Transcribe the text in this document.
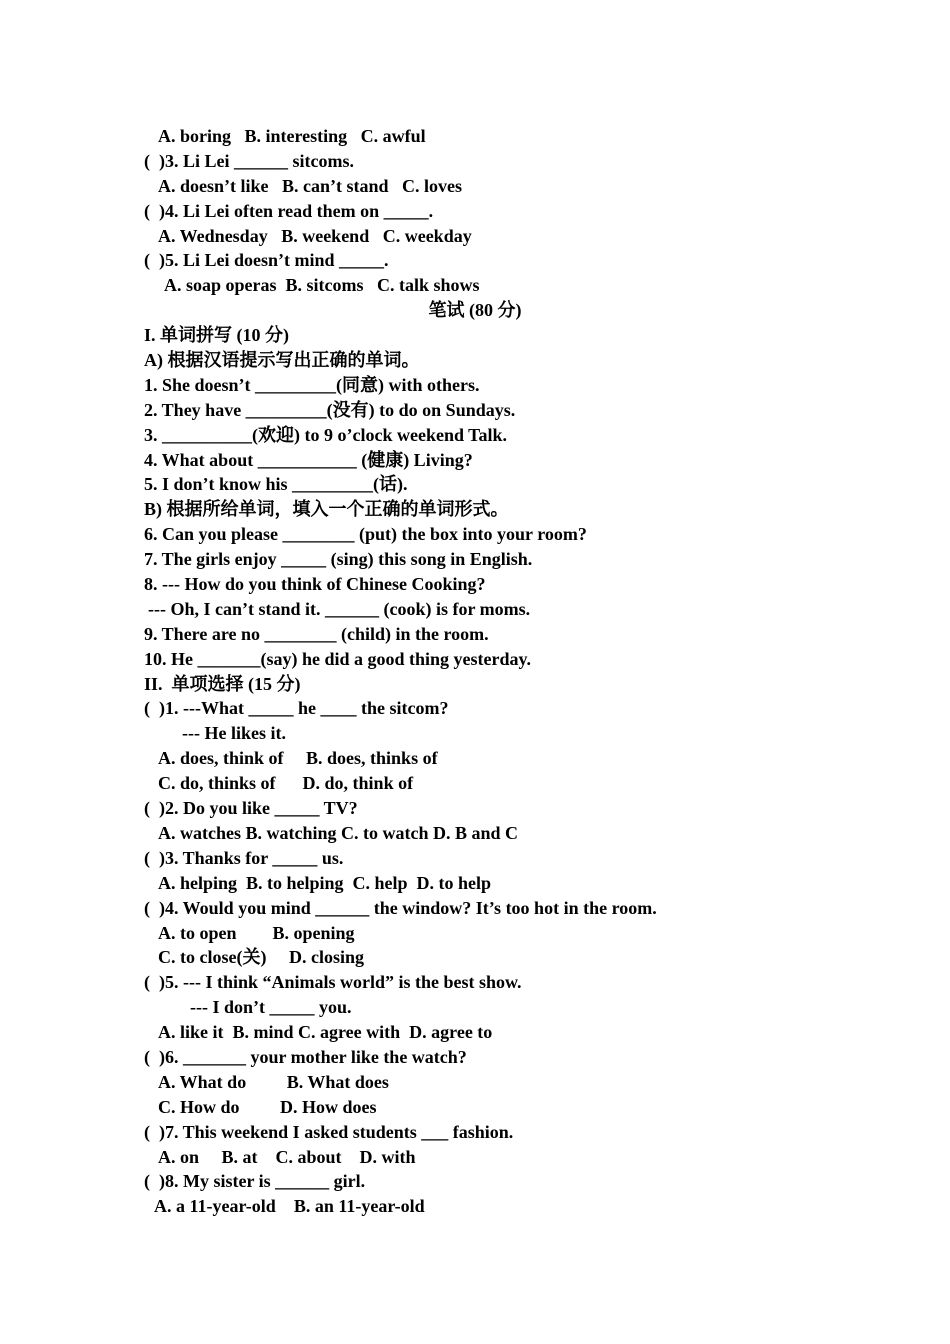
A. boring   B. interesting   C. awful
(  )3. Li Lei ______ sitcoms.
A. doesn’t like   B. can’t stand   C. loves
(  )4. Li Lei often read them on _____.
A. Wednesday   B. weekend   C. weekday
(  )5. Li Lei doesn’t mind _____.
A. soap operas  B. sitcoms   C. talk shows
笔试 (80 分)
I. 单词拼写 (10 分)
A) 根据汉语提示写出正确的单词。
1. She doesn’t _________(同意) with others.
2. They have _________(没有) to do on Sundays.
3. __________(欢迎) to 9 o’clock weekend Talk.
4. What about ___________ (健康) Living?
5. I don’t know his _________(话).
B) 根据所给单词，填入一个正确的单词形式。
6. Can you please ________ (put) the box into your room?
7. The girls enjoy _____ (sing) this song in English.
8. --- How do you think of Chinese Cooking?
--- Oh, I can’t stand it. ______ (cook) is for moms.
9. There are no ________ (child) in the room.
10. He _______(say) he did a good thing yesterday.
II.  单项选择 (15 分)
(  )1. ---What _____ he ____ the sitcom?
--- He likes it.
A. does, think of     B. does, thinks of
C. do, thinks of      D. do, think of
(  )2. Do you like _____ TV?
A. watches B. watching C. to watch D. B and C
(  )3. Thanks for _____ us.
A. helping  B. to helping  C. help  D. to help
(  )4. Would you mind ______ the window? It’s too hot in the room.
A. to open        B. opening
C. to close(关)     D. closing
(  )5. --- I think “Animals world” is the best show.
--- I don’t _____ you.
A. like it  B. mind C. agree with  D. agree to
(  )6. _______ your mother like the watch?
A. What do         B. What does
C. How do         D. How does
(  )7. This weekend I asked students ___ fashion.
A. on     B. at    C. about    D. with
(  )8. My sister is ______ girl.
A. a 11-year-old    B. an 11-year-old
